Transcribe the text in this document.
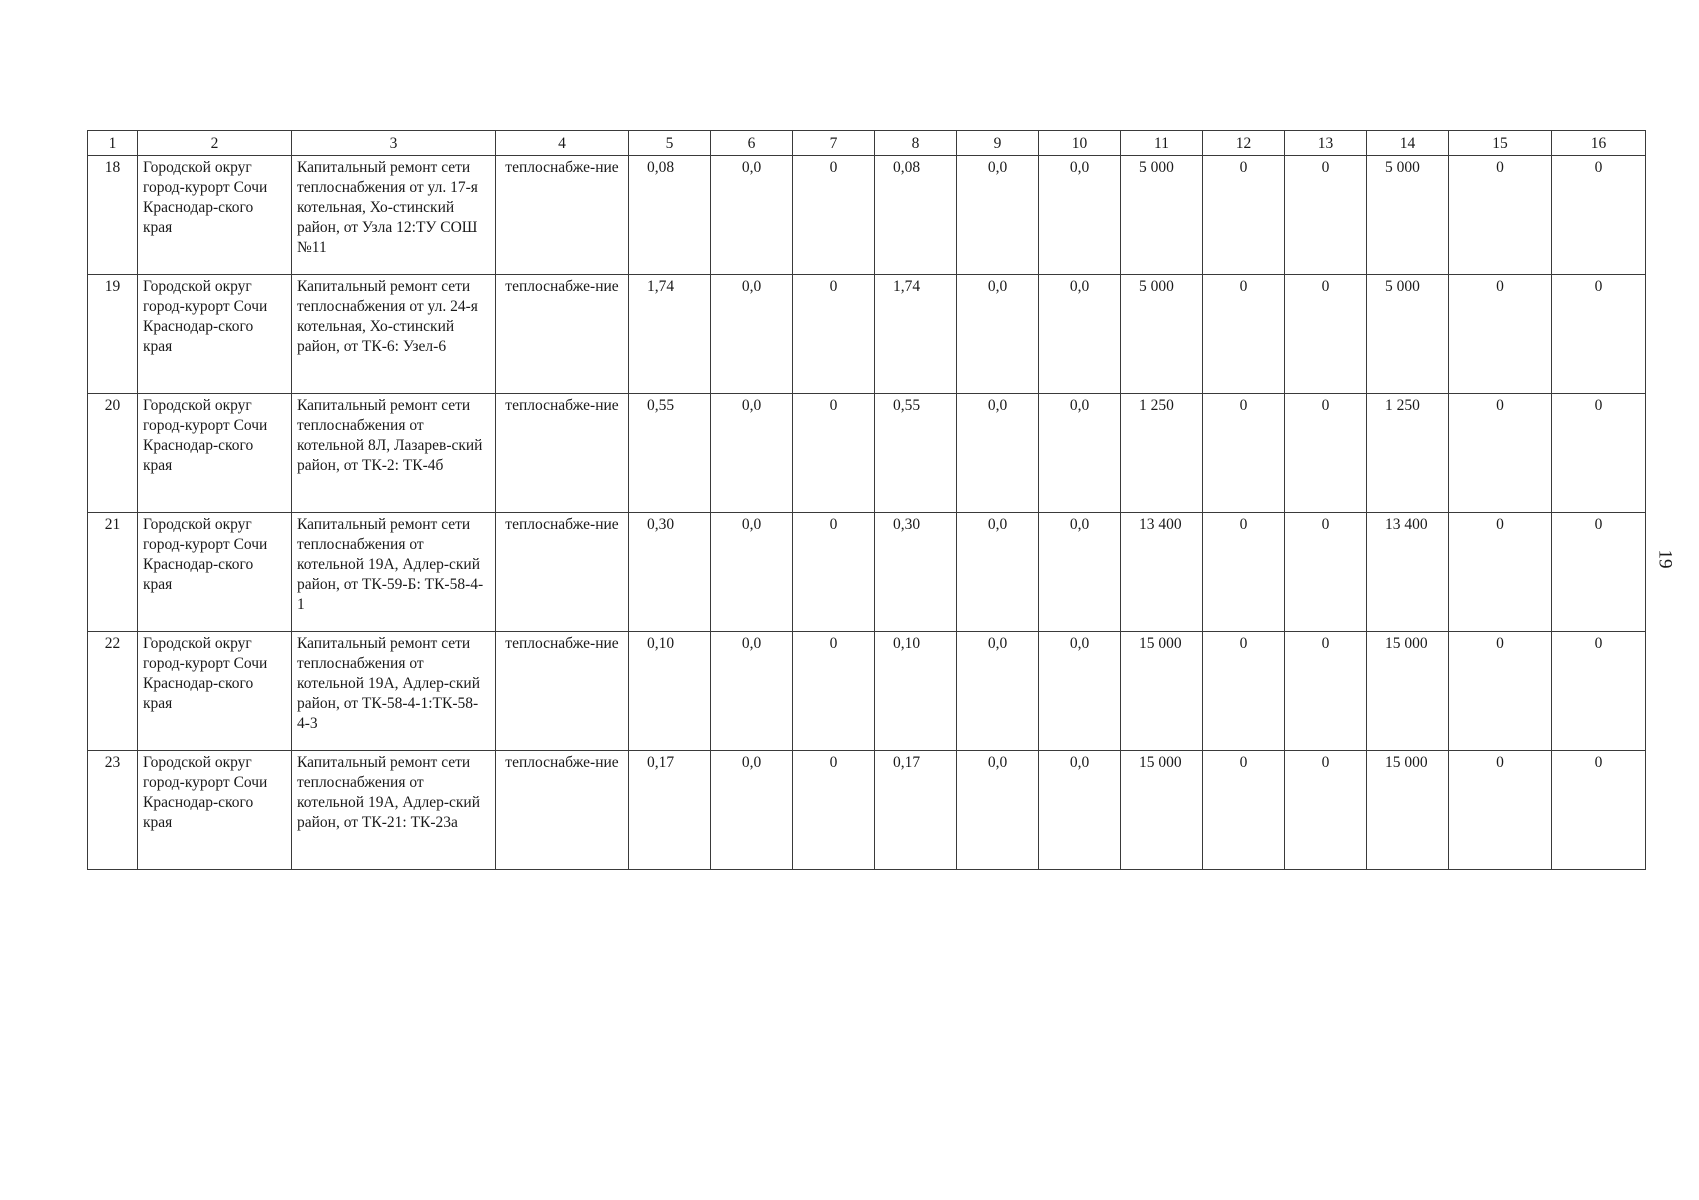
1	2	3	4	5	6	7	8	9	10	11	12	13	14	15	16
18	Городской округ город-курорт Сочи Краснодар-ского края	Капитальный ремонт сети теплоснабжения от ул. 17-я котельная, Хо-стинский район, от Узла 12:ТУ СОШ №11	теплоснабже-ние	0,08	0,0	0	0,08	0,0	0,0	5 000	0	0	5 000	0	0
19	Городской округ город-курорт Сочи Краснодар-ского края	Капитальный ремонт сети теплоснабжения от ул. 24-я котельная, Хо-стинский район, от ТК-6: Узел-6	теплоснабже-ние	1,74	0,0	0	1,74	0,0	0,0	5 000	0	0	5 000	0	0
20	Городской округ город-курорт Сочи Краснодар-ского края	Капитальный ремонт сети теплоснабжения от котельной 8Л, Лазарев-ский район, от ТК-2: ТК-4б	теплоснабже-ние	0,55	0,0	0	0,55	0,0	0,0	1 250	0	0	1 250	0	0
21	Городской округ город-курорт Сочи Краснодар-ского края	Капитальный ремонт сети теплоснабжения от котельной 19А, Адлер-ский район, от ТК-59-Б: ТК-58-4-1	теплоснабже-ние	0,30	0,0	0	0,30	0,0	0,0	13 400	0	0	13 400	0	0
22	Городской округ город-курорт Сочи Краснодар-ского края	Капитальный ремонт сети теплоснабжения от котельной 19А, Адлер-ский район, от ТК-58-4-1:ТК-58-4-3	теплоснабже-ние	0,10	0,0	0	0,10	0,0	0,0	15 000	0	0	15 000	0	0
23	Городской округ город-курорт Сочи Краснодар-ского края	Капитальный ремонт сети теплоснабжения от котельной 19А, Адлер-ский район, от ТК-21: ТК-23а	теплоснабже-ние	0,17	0,0	0	0,17	0,0	0,0	15 000	0	0	15 000	0	0
19
